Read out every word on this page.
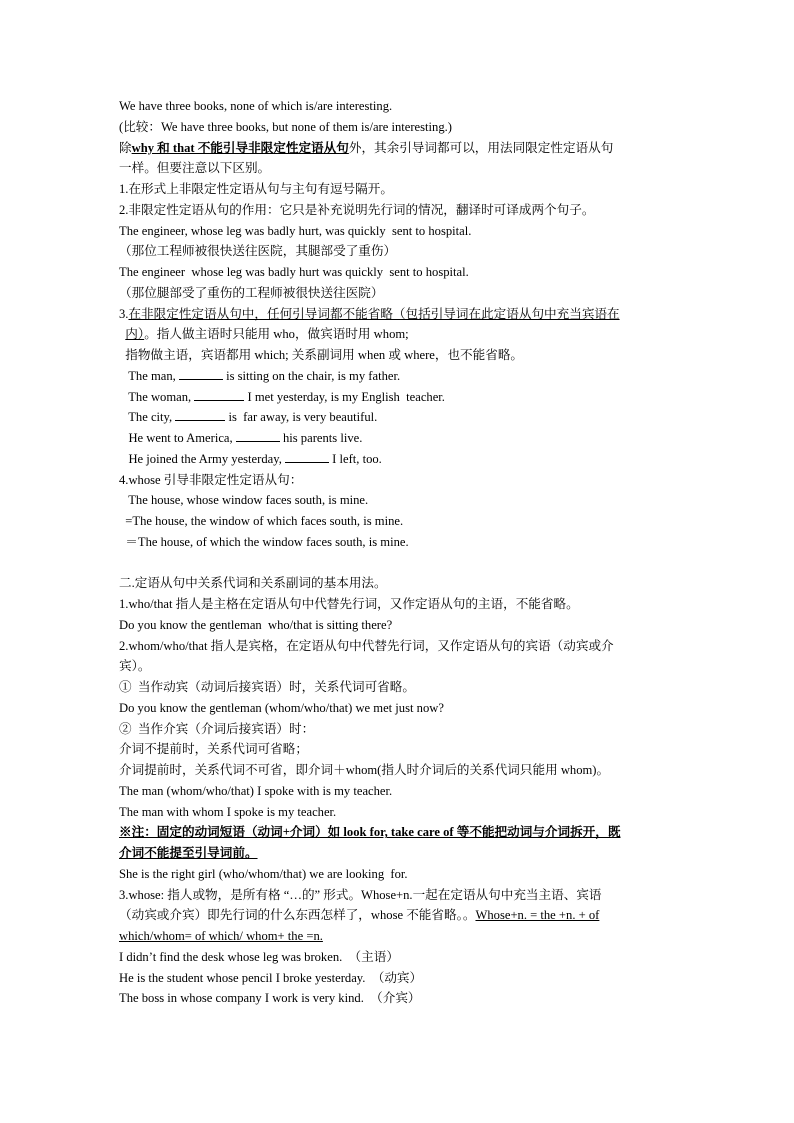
We have three books, none of which is/are interesting.
(比较：We have three books, but none of them is/are interesting.)
除why 和 that 不能引导非限定性定语从句外，其余引导词都可以，用法同限定性定语从句
一样。但要注意以下区别。
1.在形式上非限定性定语从句与主句有逗号隔开。
2.非限定性定语从句的作用：它只是补充说明先行词的情况，翻译时可译成两个句子。
The engineer, whose leg was badly hurt, was quickly  sent to hospital.
（那位工程师被很快送往医院，其腿部受了重伤）
The engineer  whose leg was badly hurt was quickly  sent to hospital.
（那位腿部受了重伤的工程师被很快送往医院）
3.在非限定性定语从句中，任何引导词都不能省略（包括引导词在此定语从句中充当宾语在
内）。指人做主语时只能用 who，做宾语时用 whom;
指物做主语，宾语都用 which; 关系副词用 when 或 where，也不能省略。
The man,	is sitting on the chair, is my father.
The woman,	I met yesterday, is my English  teacher.
The city,	is  far away, is very beautiful.
He went to America,	his parents live.
He joined the Army yesterday,	I left, too.
4.whose 引导非限定性定语从句：
The house, whose window faces south, is mine.
=The house, the window of which faces south, is mine.
＝The house, of which the window faces south, is mine.
二.定语从句中关系代词和关系副词的基本用法。
1.who/that 指人是主格在定语从句中代替先行词，又作定语从句的主语，不能省略。
Do you know the gentleman  who/that is sitting there?
2.whom/who/that 指人是宾格，在定语从句中代替先行词，又作定语从句的宾语（动宾或介
宾）。
①  当作动宾（动词后接宾语）时，关系代词可省略。
Do you know the gentleman (whom/who/that) we met just now?
②  当作介宾（介词后接宾语）时：
介词不提前时，关系代词可省略；
介词提前时，关系代词不可省，即介词＋whom(指人时介词后的关系代词只能用 whom)。
The man (whom/who/that) I spoke with is my teacher.
The man with whom I spoke is my teacher.
※注：固定的动词短语（动词+介词）如 look for, take care of 等不能把动词与介词拆开，既
介词不能提至引导词前。
She is the right girl (who/whom/that) we are looking  for.
3.whose: 指人或物，是所有格 “…的” 形式。Whose+n.一起在定语从句中充当主语、宾语
（动宾或介宾）即先行词的什么东西怎样了，whose 不能省略。。Whose+n. = the +n. + of
which/whom= of which/ whom+ the =n.
I didn’t find the desk whose leg was broken.  （主语）
He is the student whose pencil I broke yesterday.  （动宾）
The boss in whose company I work is very kind.  （介宾）
